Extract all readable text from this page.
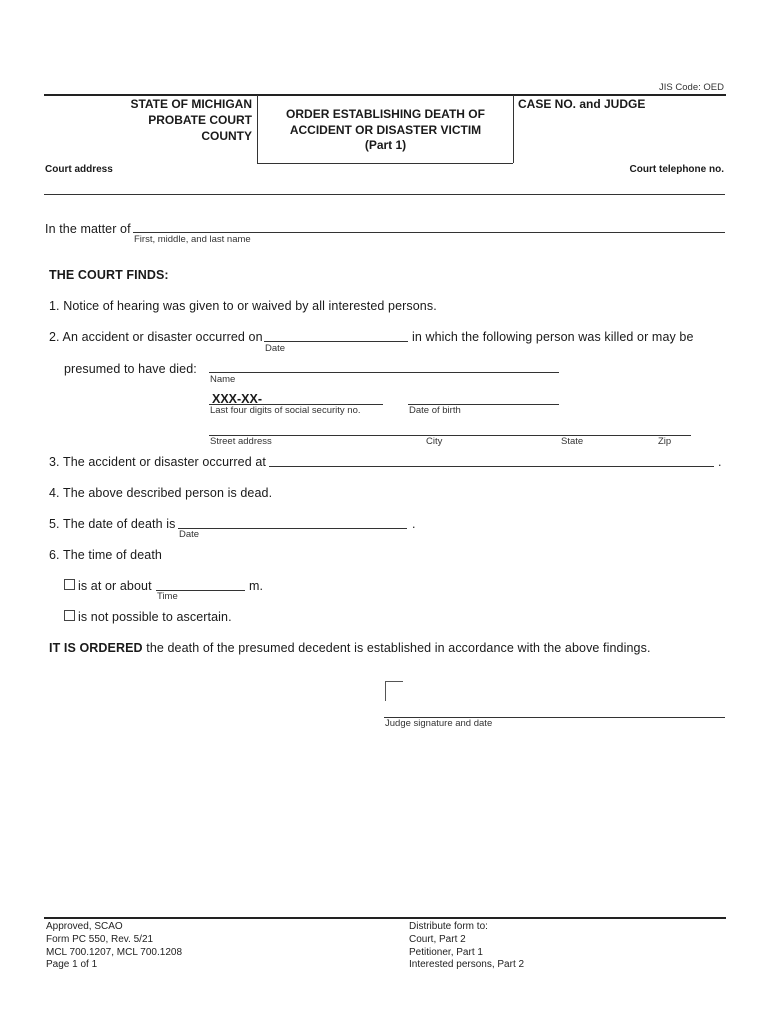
JIS Code: OED
STATE OF MICHIGAN
PROBATE COURT
COUNTY
ORDER ESTABLISHING DEATH OF
ACCIDENT OR DISASTER VICTIM
(Part 1)
CASE NO. and JUDGE
Court address	Court telephone no.
In the matter of
First, middle, and last name
THE COURT FINDS:
1. Notice of hearing was given to or waived by all interested persons.
2. An accident or disaster occurred on
Date
in which the following person was killed or may be
presumed to have died:
Name
XXX-XX-
Last four digits of social security no.	Date of birth
Street address	City	State	Zip
3. The accident or disaster occurred at	.
4. The above described person is dead.
5. The date of death is
Date
.
6. The time of death
is at or about
Time
m.
is not possible to ascertain.
IT IS ORDERED the death of the presumed decedent is established in accordance with the above findings.
Judge signature and date
Approved, SCAO
Form PC 550, Rev. 5/21
MCL 700.1207, MCL 700.1208
Page 1 of 1
Distribute form to:
Court, Part 2
Petitioner, Part 1
Interested persons, Part 2
